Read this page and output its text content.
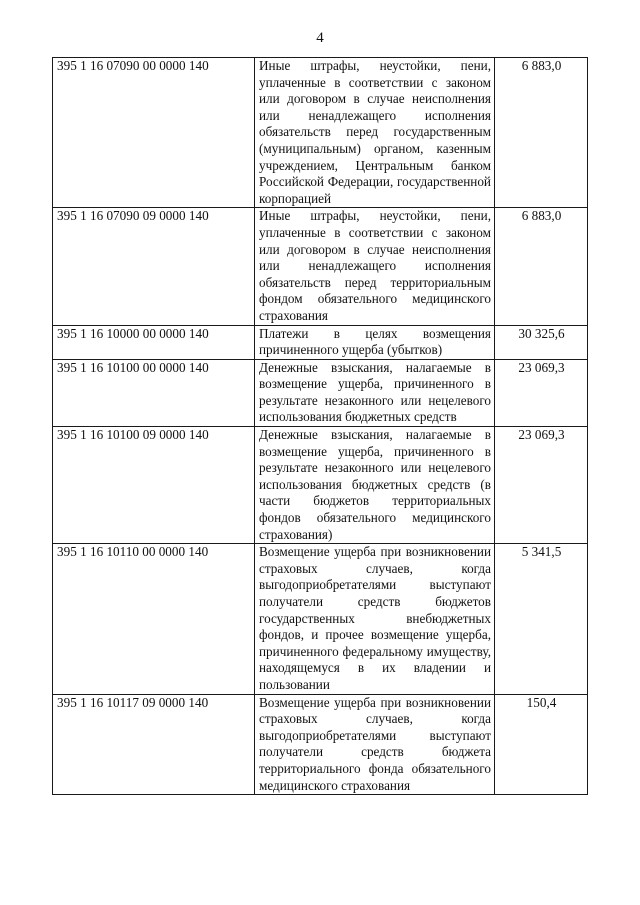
4
395 1 16 07090 00 0000 140	Иные штрафы, неустойки, пени, уплаченные в соответствии с законом или договором в случае неисполнения или ненадлежащего исполнения обязательств перед государственным (муниципальным) органом, казенным учреждением, Центральным банком Российской Федерации, государственной корпорацией	6 883,0
395 1 16 07090 09 0000 140	Иные штрафы, неустойки, пени, уплаченные в соответствии с законом или договором в случае неисполнения или ненадлежащего исполнения обязательств перед территориальным фондом обязательного медицинского страхования	6 883,0
395 1 16 10000 00 0000 140	Платежи в целях возмещения причиненного ущерба (убытков)	30 325,6
395 1 16 10100 00 0000 140	Денежные взыскания, налагаемые в возмещение ущерба, причиненного в результате незаконного или нецелевого использования бюджетных средств	23 069,3
395 1 16 10100 09 0000 140	Денежные взыскания, налагаемые в возмещение ущерба, причиненного в результате незаконного или нецелевого использования бюджетных средств (в части бюджетов территориальных фондов обязательного медицинского страхования)	23 069,3
395 1 16 10110 00 0000 140	Возмещение ущерба при возникновении страховых случаев, когда выгодоприобретателями выступают получатели средств бюджетов государственных внебюджетных фондов, и прочее возмещение ущерба, причиненного федеральному имуществу, находящемуся в их владении и пользовании	5 341,5
395 1 16 10117 09 0000 140	Возмещение ущерба при возникновении страховых случаев, когда выгодоприобретателями выступают получатели средств бюджета территориального фонда обязательного медицинского страхования	150,4
